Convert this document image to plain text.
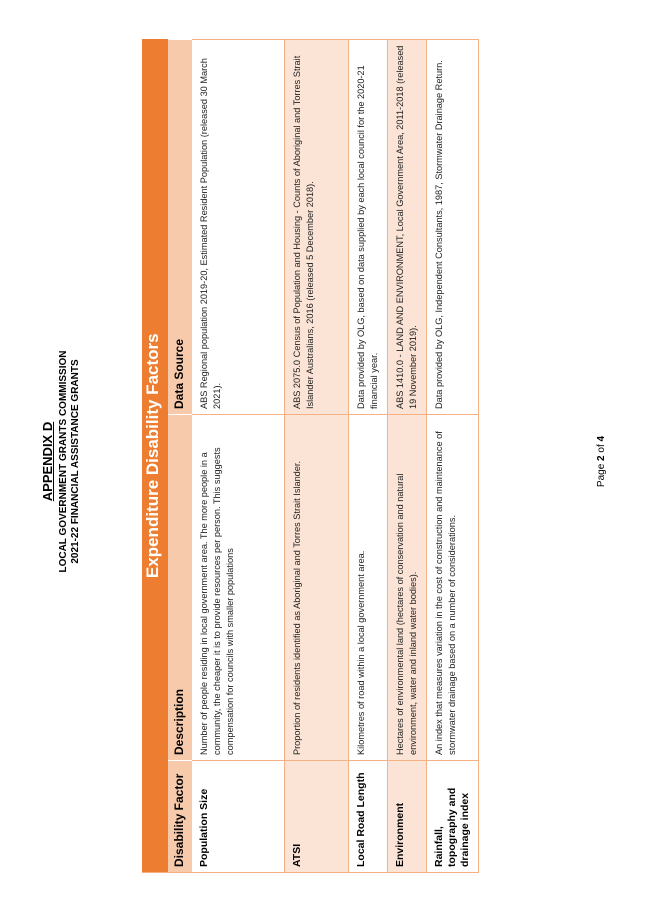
APPENDIX D LOCAL GOVERNMENT GRANTS COMMISSION 2021-22 FINANCIAL ASSISTANCE GRANTS	Expenditure Disability Factors		
Disability Factor	Description	Data Source
Population Size	Number of people residing in local government area. The more people in a community, the cheaper it is to provide resources per person. This suggests compensation for councils with smaller populations	ABS Regional population 2019-20, Estimated Resident Population (released 30 March 2021).
ATSI	Proportion of residents identified as Aboriginal and Torres Strait Islander.	ABS 2075.0 Census of Population and Housing - Counts of Aboriginal and Torres Strait Islander Australians, 2016 (released 5 December 2018).
Local Road Length	Kilometres of road within a local government area.	Data provided by OLG, based on data supplied by each local council for the 2020-21 financial year.
Environment	Hectares of environmental land (hectares of conservation and natural environment, water and inland water bodies).	ABS 1410.0 - LAND AND ENVIRONMENT, Local Government Area, 2011-2018 (released 19 November 2019).
Rainfall, topography and drainage index	An index that measures variation in the cost of construction and maintenance of stormwater drainage based on a number of considerations.	Data provided by OLG, Independent Consultants, 1987, Stormwater Drainage Return.
Page 2 of 4
